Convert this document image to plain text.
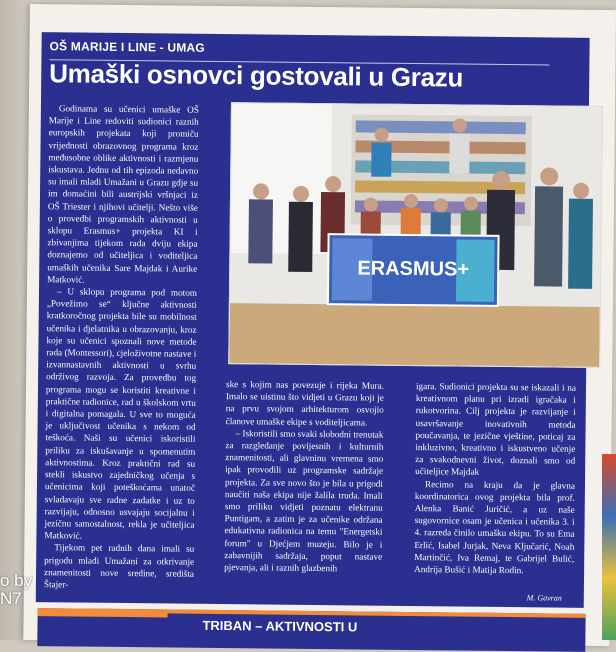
OŠ MARIJE I LINE - UMAG
Umaški osnovci gostovali u Grazu

Godinama su učenici umaške OŠ Marije i Line redoviti sudionici raznih europskih projekata koji promiču vrijednosti obrazovnog programa kroz međusobne oblike aktivnosti i razmjenu iskustava. Jednu od tih epizoda nedavno su imali mladi Umažani u Grazu gdje su im domaćini bili austrijski vršnjaci iz OŠ Triester i njihovi učitelji. Nešto više o provedbi programskih aktivnosti u sklopu Erasmus+ projekta KI i zbivanjima tijekom rada dviju ekipa doznajemo od učiteljica i voditeljica umaških učenika Sare Majdak i Aurike Matković.

– U sklopu programa pod motom „Povežimo se“ ključne aktivnosti kratkoročnog projekta bile su mobilnost učenika i djelatnika u obrazovanju, kroz koje su učenici spoznali nove metode rada (Montessori), cjeloživotne nastave i izvannastavnih aktivnosti u svrhu održivog razvoja. Za provedbu tog programa mogu se koristiti kreativne i praktične radionice, rad u školskom vrtu i digitalna pomagala. U sve to moguća je uključivost učenika s nekom od teškoća. Naši su učenici iskoristili priliku za iskušavanje u spomenutim aktivnostima. Kroz praktični rad su stekli iskustvo zajedničkog učenja s učenicima koji poteškoćama unatoč svladavaju sve radne zadatke i uz to razvijaju, odnosno usvajaju socijalnu i jezičnu samostalnost, rekla je učiteljica Matković.

Tijekom pet radnih dana imali su prigodu mladi Umažani za otkrivanje znamenitosti nove sredine, središta Štajer-

ERASMUS+

ske s kojim nas povezuje i rijeka Mura. Imalo se uistinu što vidjeti u Grazu koji je na prvu svojom arhitekturom osvojio članove umaške ekipe s voditeljicama.

– Iskoristili smo svaki slobodni trenutak za razgledanje povijesnih i kulturnih znamenitosti, ali glavninu vremena smo ipak provodili uz programske sadržaje projekta. Za sve novo što je bila u prigodi naučiti naša ekipa nije žalila truda. Imali smo priliku vidjeti poznatu elektranu Puntigam, a zatim je za učenike održana edukativna radionica na temu "Energetski forum" u Djećjem muzeju. Bilo je i zabavnijih sadržaja, poput nastave pjevanja, ali i raznih glazbenih

igara. Sudionici projekta su se iskazali i na kreativnom planu pri izradi igračaka i rukotvorina. Cilj projekta je razvijanje i usavršavanje inovativnih metoda poučavanja, te jezične vještine, poticaj za inkluzivno, kreativno i iskustveno učenje za svakodnevni život, doznali smo od učiteljice Majdak

Recimo na kraju da je glavna koordinatorica ovog projekta bila prof. Alenka Banić Juričić, a uz naše sugovornice osam je učenica i učenika 3. i 4. razreda činilo umašku ekipu. To su Ema Erlić, Isabel Jurjak, Neva Ključarić, Noah Martinčić, Iva Remaj, te Gabrijel Bulić, Andrija Bušić i Matija Rodin.

M. Gavran
TRIBAN – AKTIVNOSTI U
o by
N7
